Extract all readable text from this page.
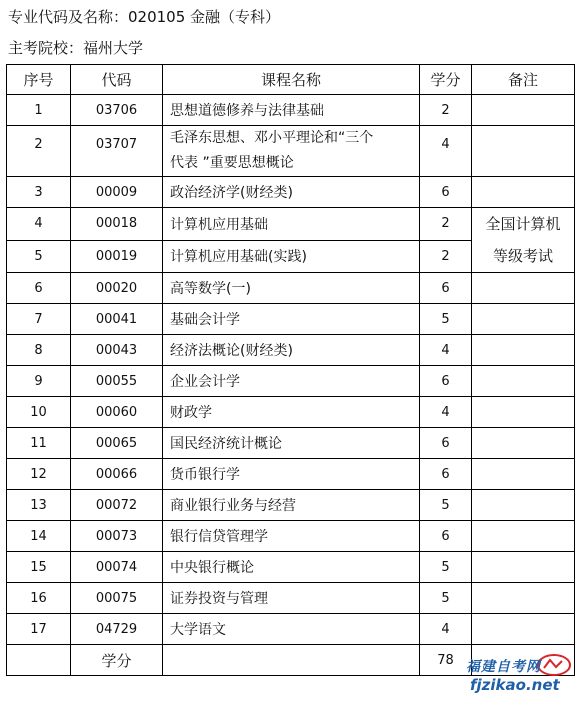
专业代码及名称：020105 金融（专科）
主考院校：福州大学
序号	代码	课程名称	学分	备注
1	03706	思想道德修养与法律基础	2	
2	03707	毛泽东思想、邓小平理论和“三个
代表 ”重要思想概论	4	
3	00009	政治经济学(财经类)	6	
4	00018	计算机应用基础	2	全国计算机
等级考试

5	00019	计算机应用基础(实践)	2	
6	00020	高等数学(一)	6	
7	00041	基础会计学	5	
8	00043	经济法概论(财经类)	4	
9	00055	企业会计学	6	
10	00060	财政学	4	
11	00065	国民经济统计概论	6	
12	00066	货币银行学	6	
13	00072	商业银行业务与经营	5	
14	00073	银行信贷管理学	6	
15	00074	中央银行概论	5	
16	00075	证券投资与管理	5	
17	04729	大学语文	4	
	学分		78	福建自考网
fjzikao.net
